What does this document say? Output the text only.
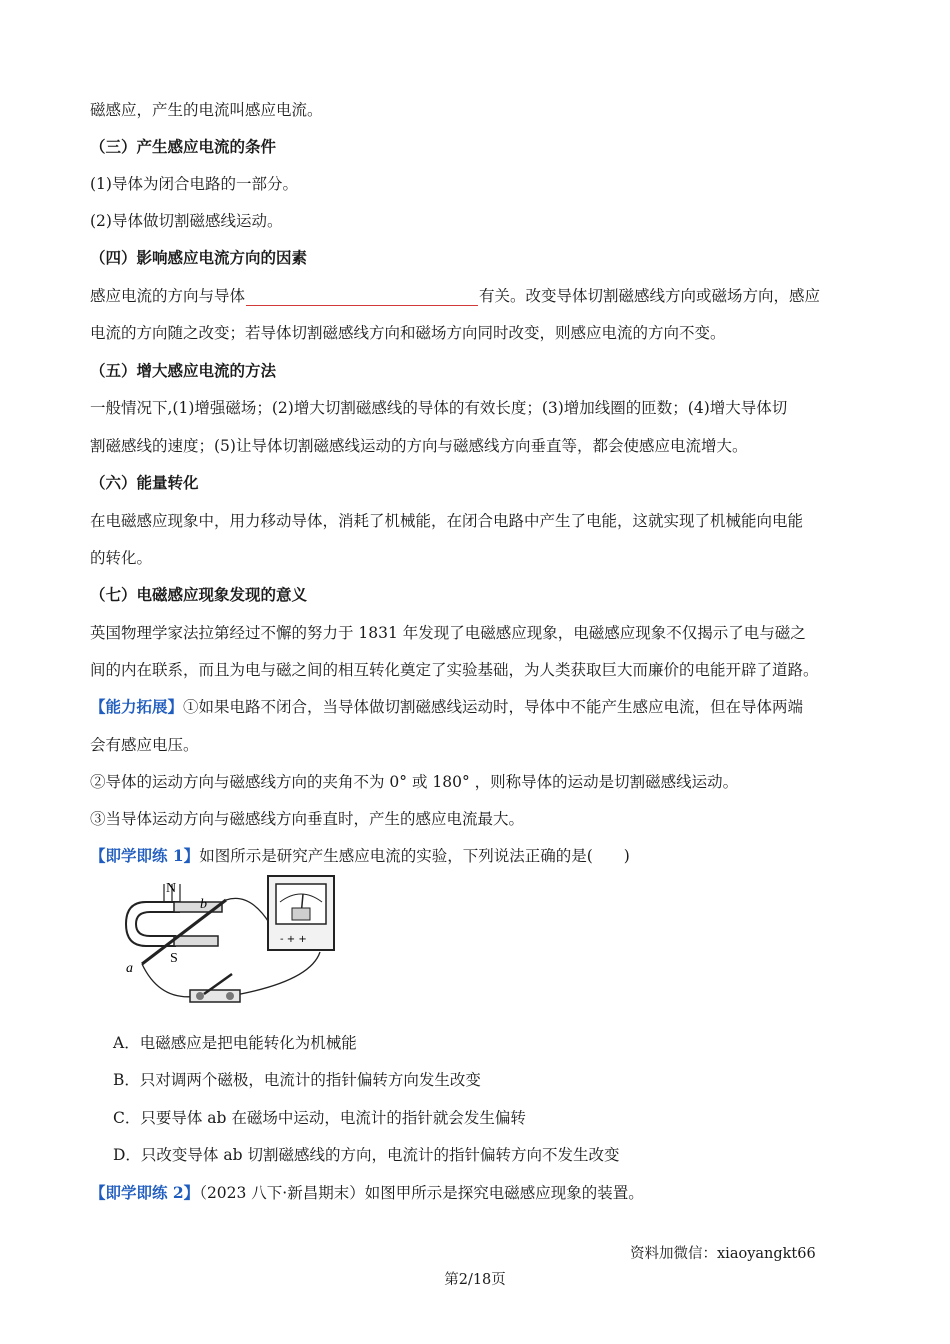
磁感应，产生的电流叫感应电流。
（三）产生感应电流的条件
(1)导体为闭合电路的一部分。
(2)导体做切割磁感线运动。
（四）影响感应电流方向的因素
感应电流的方向与导体	有关。改变导体切割磁感线方向或磁场方向，感应
电流的方向随之改变；若导体切割磁感线方向和磁场方向同时改变，则感应电流的方向不变。
（五）增大感应电流的方法
一般情况下,(1)增强磁场；(2)增大切割磁感线的导体的有效长度；(3)增加线圈的匝数；(4)增大导体切
割磁感线的速度；(5)让导体切割磁感线运动的方向与磁感线方向垂直等，都会使感应电流增大。
（六）能量转化
在电磁感应现象中，用力移动导体，消耗了机械能，在闭合电路中产生了电能，这就实现了机械能向电能
的转化。
（七）电磁感应现象发现的意义
英国物理学家法拉第经过不懈的努力于 1831 年发现了电磁感应现象，电磁感应现象不仅揭示了电与磁之
间的内在联系，而且为电与磁之间的相互转化奠定了实验基础，为人类获取巨大而廉价的电能开辟了道路。
【能力拓展】①如果电路不闭合，当导体做切割磁感线运动时，导体中不能产生感应电流，但在导体两端
会有感应电压。
②导体的运动方向与磁感线方向的夹角不为 0° 或 180° ，则称导体的运动是切割磁感线运动。
③当导体运动方向与磁感线方向垂直时，产生的感应电流最大。
【即学即练 1】如图所示是研究产生感应电流的实验，下列说法正确的是(　　)
N
S
a
b
- + +
A．电磁感应是把电能转化为机械能
B．只对调两个磁极，电流计的指针偏转方向发生改变
C．只要导体 ab 在磁场中运动，电流计的指针就会发生偏转
D．只改变导体 ab 切割磁感线的方向，电流计的指针偏转方向不发生改变
【即学即练 2】（2023 八下·新昌期末）如图甲所示是探究电磁感应现象的装置。
资料加微信：xiaoyangkt66
第2/18页
